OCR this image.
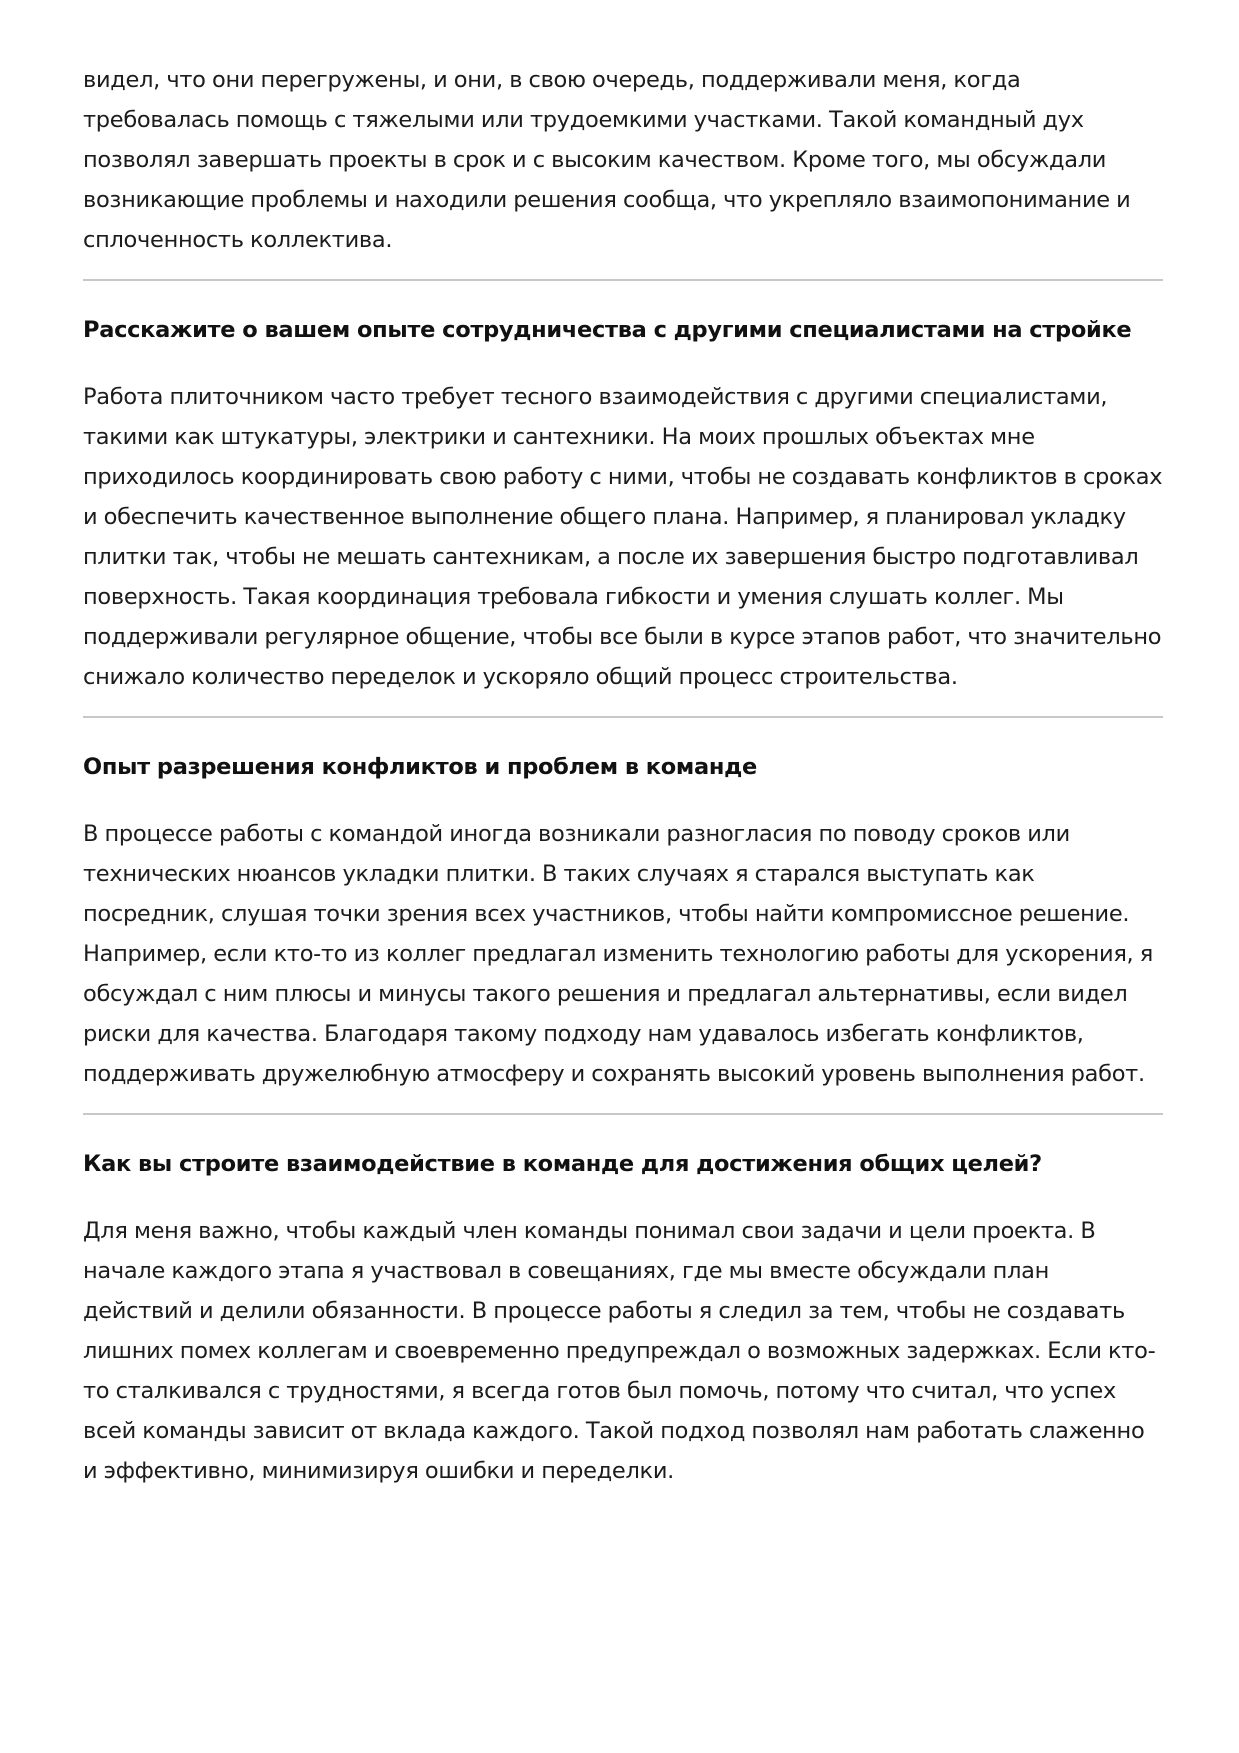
видел, что они перегружены, и они, в свою очередь, поддерживали меня, когда требовалась помощь с тяжелыми или трудоемкими участками. Такой командный дух позволял завершать проекты в срок и с высоким качеством. Кроме того, мы обсуждали возникающие проблемы и находили решения сообща, что укрепляло взаимопонимание и сплоченность коллектива.

Расскажите о вашем опыте сотрудничества с другими специалистами на стройке

Работа плиточником часто требует тесного взаимодействия с другими специалистами, такими как штукатуры, электрики и сантехники. На моих прошлых объектах мне приходилось координировать свою работу с ними, чтобы не создавать конфликтов в сроках и обеспечить качественное выполнение общего плана. Например, я планировал укладку плитки так, чтобы не мешать сантехникам, а после их завершения быстро подготавливал поверхность. Такая координация требовала гибкости и умения слушать коллег. Мы поддерживали регулярное общение, чтобы все были в курсе этапов работ, что значительно снижало количество переделок и ускоряло общий процесс строительства.

Опыт разрешения конфликтов и проблем в команде

В процессе работы с командой иногда возникали разногласия по поводу сроков или технических нюансов укладки плитки. В таких случаях я старался выступать как посредник, слушая точки зрения всех участников, чтобы найти компромиссное решение. Например, если кто-то из коллег предлагал изменить технологию работы для ускорения, я обсуждал с ним плюсы и минусы такого решения и предлагал альтернативы, если видел риски для качества. Благодаря такому подходу нам удавалось избегать конфликтов, поддерживать дружелюбную атмосферу и сохранять высокий уровень выполнения работ.

Как вы строите взаимодействие в команде для достижения общих целей?

Для меня важно, чтобы каждый член команды понимал свои задачи и цели проекта. В начале каждого этапа я участвовал в совещаниях, где мы вместе обсуждали план действий и делили обязанности. В процессе работы я следил за тем, чтобы не создавать лишних помех коллегам и своевременно предупреждал о возможных задержках. Если кто-то сталкивался с трудностями, я всегда готов был помочь, потому что считал, что успех всей команды зависит от вклада каждого. Такой подход позволял нам работать слаженно и эффективно, минимизируя ошибки и переделки.
